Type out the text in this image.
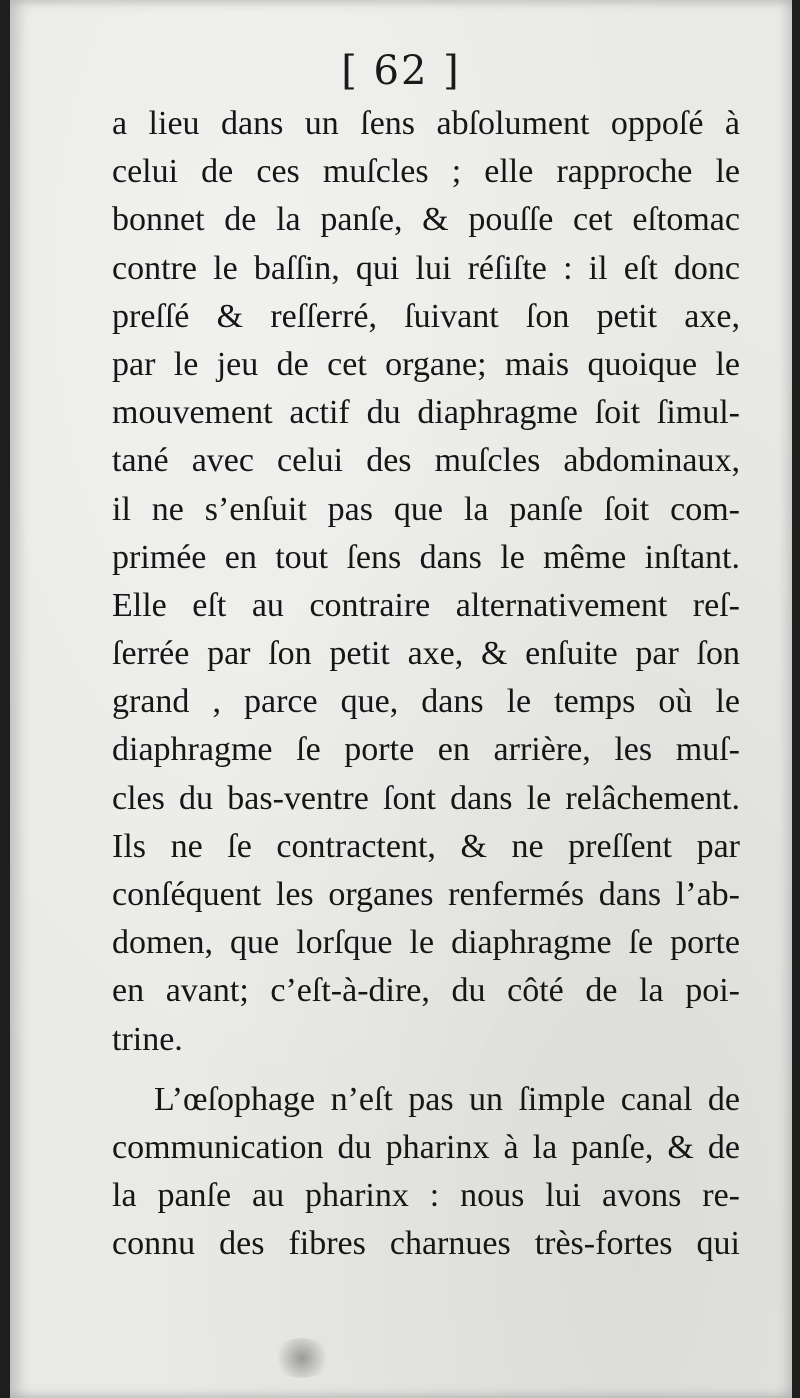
[ 62 ]
a lieu dans un ſens abſolument oppoſé à
celui de ces muſcles ; elle rapproche le
bonnet de la panſe, & pouſſe cet eſtomac
contre le baſſin, qui lui réſiſte : il eſt donc
preſſé & reſſerré, ſuivant ſon petit axe,
par le jeu de cet organe; mais quoique le
mouvement actif du diaphragme ſoit ſimul-
tané avec celui des muſcles abdominaux,
il ne s’enſuit pas que la panſe ſoit com-
primée en tout ſens dans le même inſtant.
Elle eſt au contraire alternativement reſ-
ſerrée par ſon petit axe, & enſuite par ſon
grand , parce que, dans le temps où le
diaphragme ſe porte en arrière, les muſ-
cles du bas-ventre ſont dans le relâchement.
Ils ne ſe contractent, & ne preſſent par
conſéquent les organes renfermés dans l’ab-
domen, que lorſque le diaphragme ſe porte
en avant; c’eſt-à-dire, du côté de la poi-
trine.
L’œſophage n’eſt pas un ſimple canal de
communication du pharinx à la panſe, & de
la panſe au pharinx : nous lui avons re-
connu des fibres charnues très-fortes qui
